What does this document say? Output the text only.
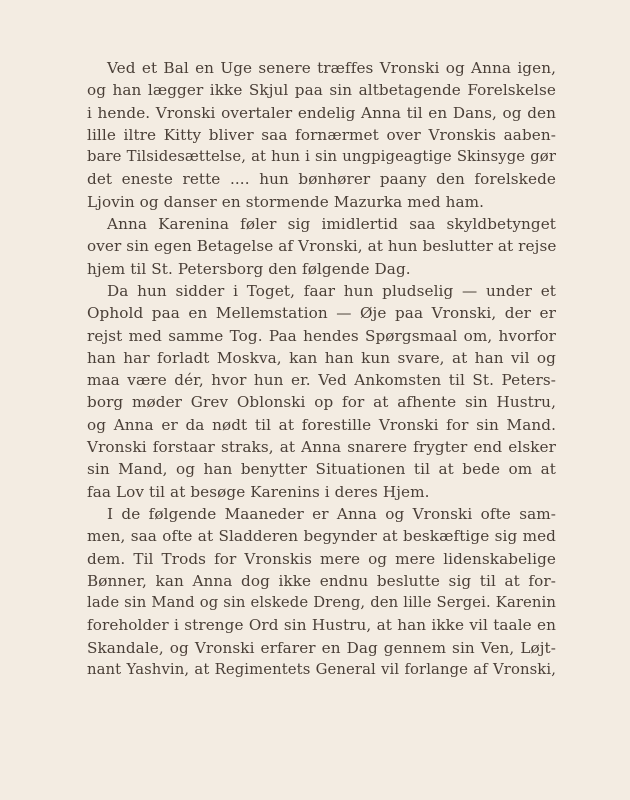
Ved et Bal en Uge senere træffes Vronski og Anna igen,
og han lægger ikke Skjul paa sin altbetagende Forelskelse
i hende. Vronski overtaler endelig Anna til en Dans, og den
lille iltre Kitty bliver saa fornærmet over Vronskis aaben-
bare Tilsidesættelse, at hun i sin ungpigeagtige Skinsyge gør
det eneste rette .... hun bønhører paany den forelskede
Ljovin og danser en stormende Mazurka med ham.
Anna Karenina føler sig imidlertid saa skyldbetynget
over sin egen Betagelse af Vronski, at hun beslutter at rejse
hjem til St. Petersborg den følgende Dag.
Da hun sidder i Toget, faar hun pludselig — under et
Ophold paa en Mellemstation — Øje paa Vronski, der er
rejst med samme Tog. Paa hendes Spørgsmaal om, hvorfor
han har forladt Moskva, kan han kun svare, at han vil og
maa være dér, hvor hun er. Ved Ankomsten til St. Peters-
borg møder Grev Oblonski op for at afhente sin Hustru,
og Anna er da nødt til at forestille Vronski for sin Mand.
Vronski forstaar straks, at Anna snarere frygter end elsker
sin Mand, og han benytter Situationen til at bede om at
faa Lov til at besøge Karenins i deres Hjem.
I de følgende Maaneder er Anna og Vronski ofte sam-
men, saa ofte at Sladderen begynder at beskæftige sig med
dem. Til Trods for Vronskis mere og mere lidenskabelige
Bønner, kan Anna dog ikke endnu beslutte sig til at for-
lade sin Mand og sin elskede Dreng, den lille Sergei. Karenin
foreholder i strenge Ord sin Hustru, at han ikke vil taale en
Skandale, og Vronski erfarer en Dag gennem sin Ven, Løjt-
nant Yashvin, at Regimentets General vil forlange af Vronski,
